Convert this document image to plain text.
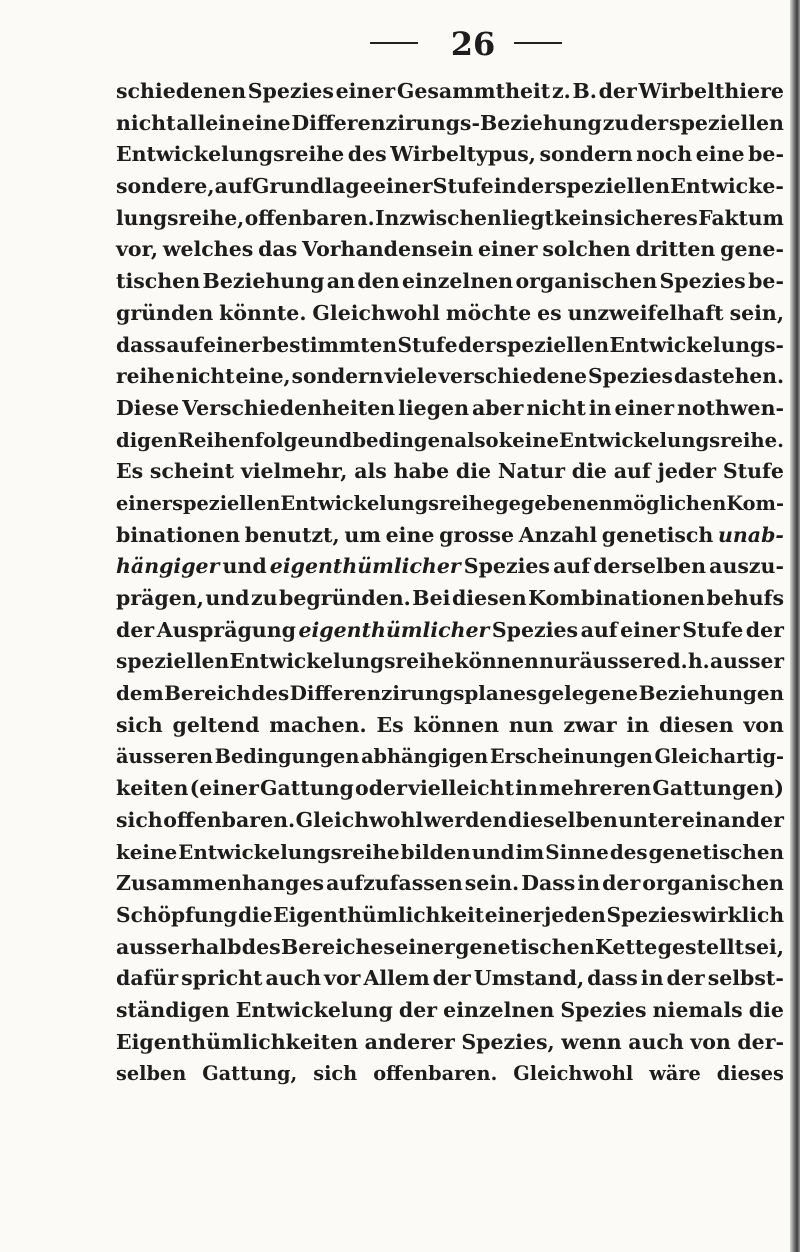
26
schiedenen Spezies einer Gesammtheit z. B. der Wirbelthiere
nicht allein eine Differenzirungs-Beziehung zu der speziellen
Entwickelungsreihe des Wirbeltypus, sondern noch eine be-
sondere, auf Grundlage einer Stufe in der speziellen Entwicke-
lungsreihe, offenbaren. Inzwischen liegt kein sicheres Faktum
vor, welches das Vorhandensein einer solchen dritten gene-
tischen Beziehung an den einzelnen organischen Spezies be-
gründen könnte. Gleichwohl möchte es unzweifelhaft sein,
dass auf einer bestimmten Stufe der speziellen Entwickelungs-
reihe nicht eine, sondern viele verschiedene Spezies dastehen.
Diese Verschiedenheiten liegen aber nicht in einer nothwen-
digen Reihenfolge und bedingen also keine Entwickelungsreihe.
Es scheint vielmehr, als habe die Natur die auf jeder Stufe
einer speziellen Entwickelungsreihe gegebenen möglichen Kom-
binationen benutzt, um eine grosse Anzahl genetisch unab-
hängiger und eigenthümlicher Spezies auf derselben auszu-
prägen, und zu begründen. Bei diesen Kombinationen behufs
der Ausprägung eigenthümlicher Spezies auf einer Stufe der
speziellen Entwickelungsreihe können nur äussere d. h. ausser
dem Bereich des Differenzirungsplanes gelegene Beziehungen
sich geltend machen. Es können nun zwar in diesen von
äusseren Bedingungen abhängigen Erscheinungen Gleichartig-
keiten (einer Gattung oder vielleicht in mehreren Gattungen)
sich offenbaren. Gleichwohl werden dieselben unter einander
keine Entwickelungsreihe bilden und im Sinne des genetischen
Zusammenhanges aufzufassen sein. Dass in der organischen
Schöpfung die Eigenthümlichkeit einer jeden Spezies wirklich
ausserhalb des Bereiches einer genetischen Kette gestellt sei,
dafür spricht auch vor Allem der Umstand, dass in der selbst-
ständigen Entwickelung der einzelnen Spezies niemals die
Eigenthümlichkeiten anderer Spezies, wenn auch von der-
selben Gattung, sich offenbaren. Gleichwohl wäre dieses
